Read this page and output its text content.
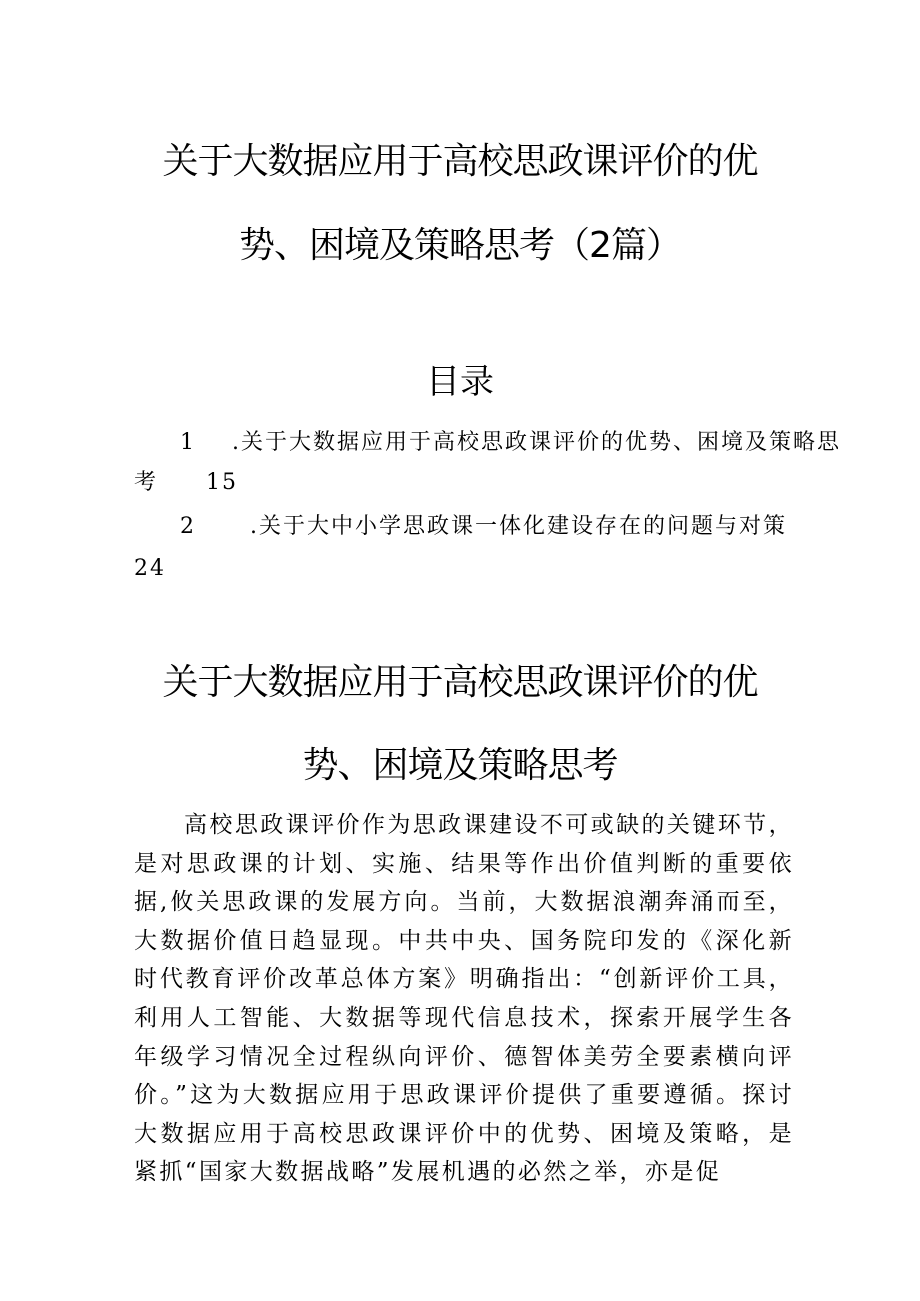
关于大数据应用于高校思政课评价的优
势、困境及策略思考（2篇）
目录
1 .关于大数据应用于高校思政课评价的优势、困境及策略思
考 15
2 .关于大中小学思政课一体化建设存在的问题与对策
24
关于大数据应用于高校思政课评价的优
势、困境及策略思考

高校思政课评价作为思政课建设不可或缺的关键环节，是对思政课的计划、实施、结果等作出价值判断的重要依据,攸关思政课的发展方向。当前，大数据浪潮奔涌而至，大数据价值日趋显现。中共中央、国务院印发的《深化新时代教育评价改革总体方案》明确指出：“创新评价工具，利用人工智能、大数据等现代信息技术，探索开展学生各年级学习情况全过程纵向评价、德智体美劳全要素横向评价。”这为大数据应用于思政课评价提供了重要遵循。探讨大数据应用于高校思政课评价中的优势、困境及策略，是紧抓“国家大数据战略”发展机遇的必然之举，亦是促
